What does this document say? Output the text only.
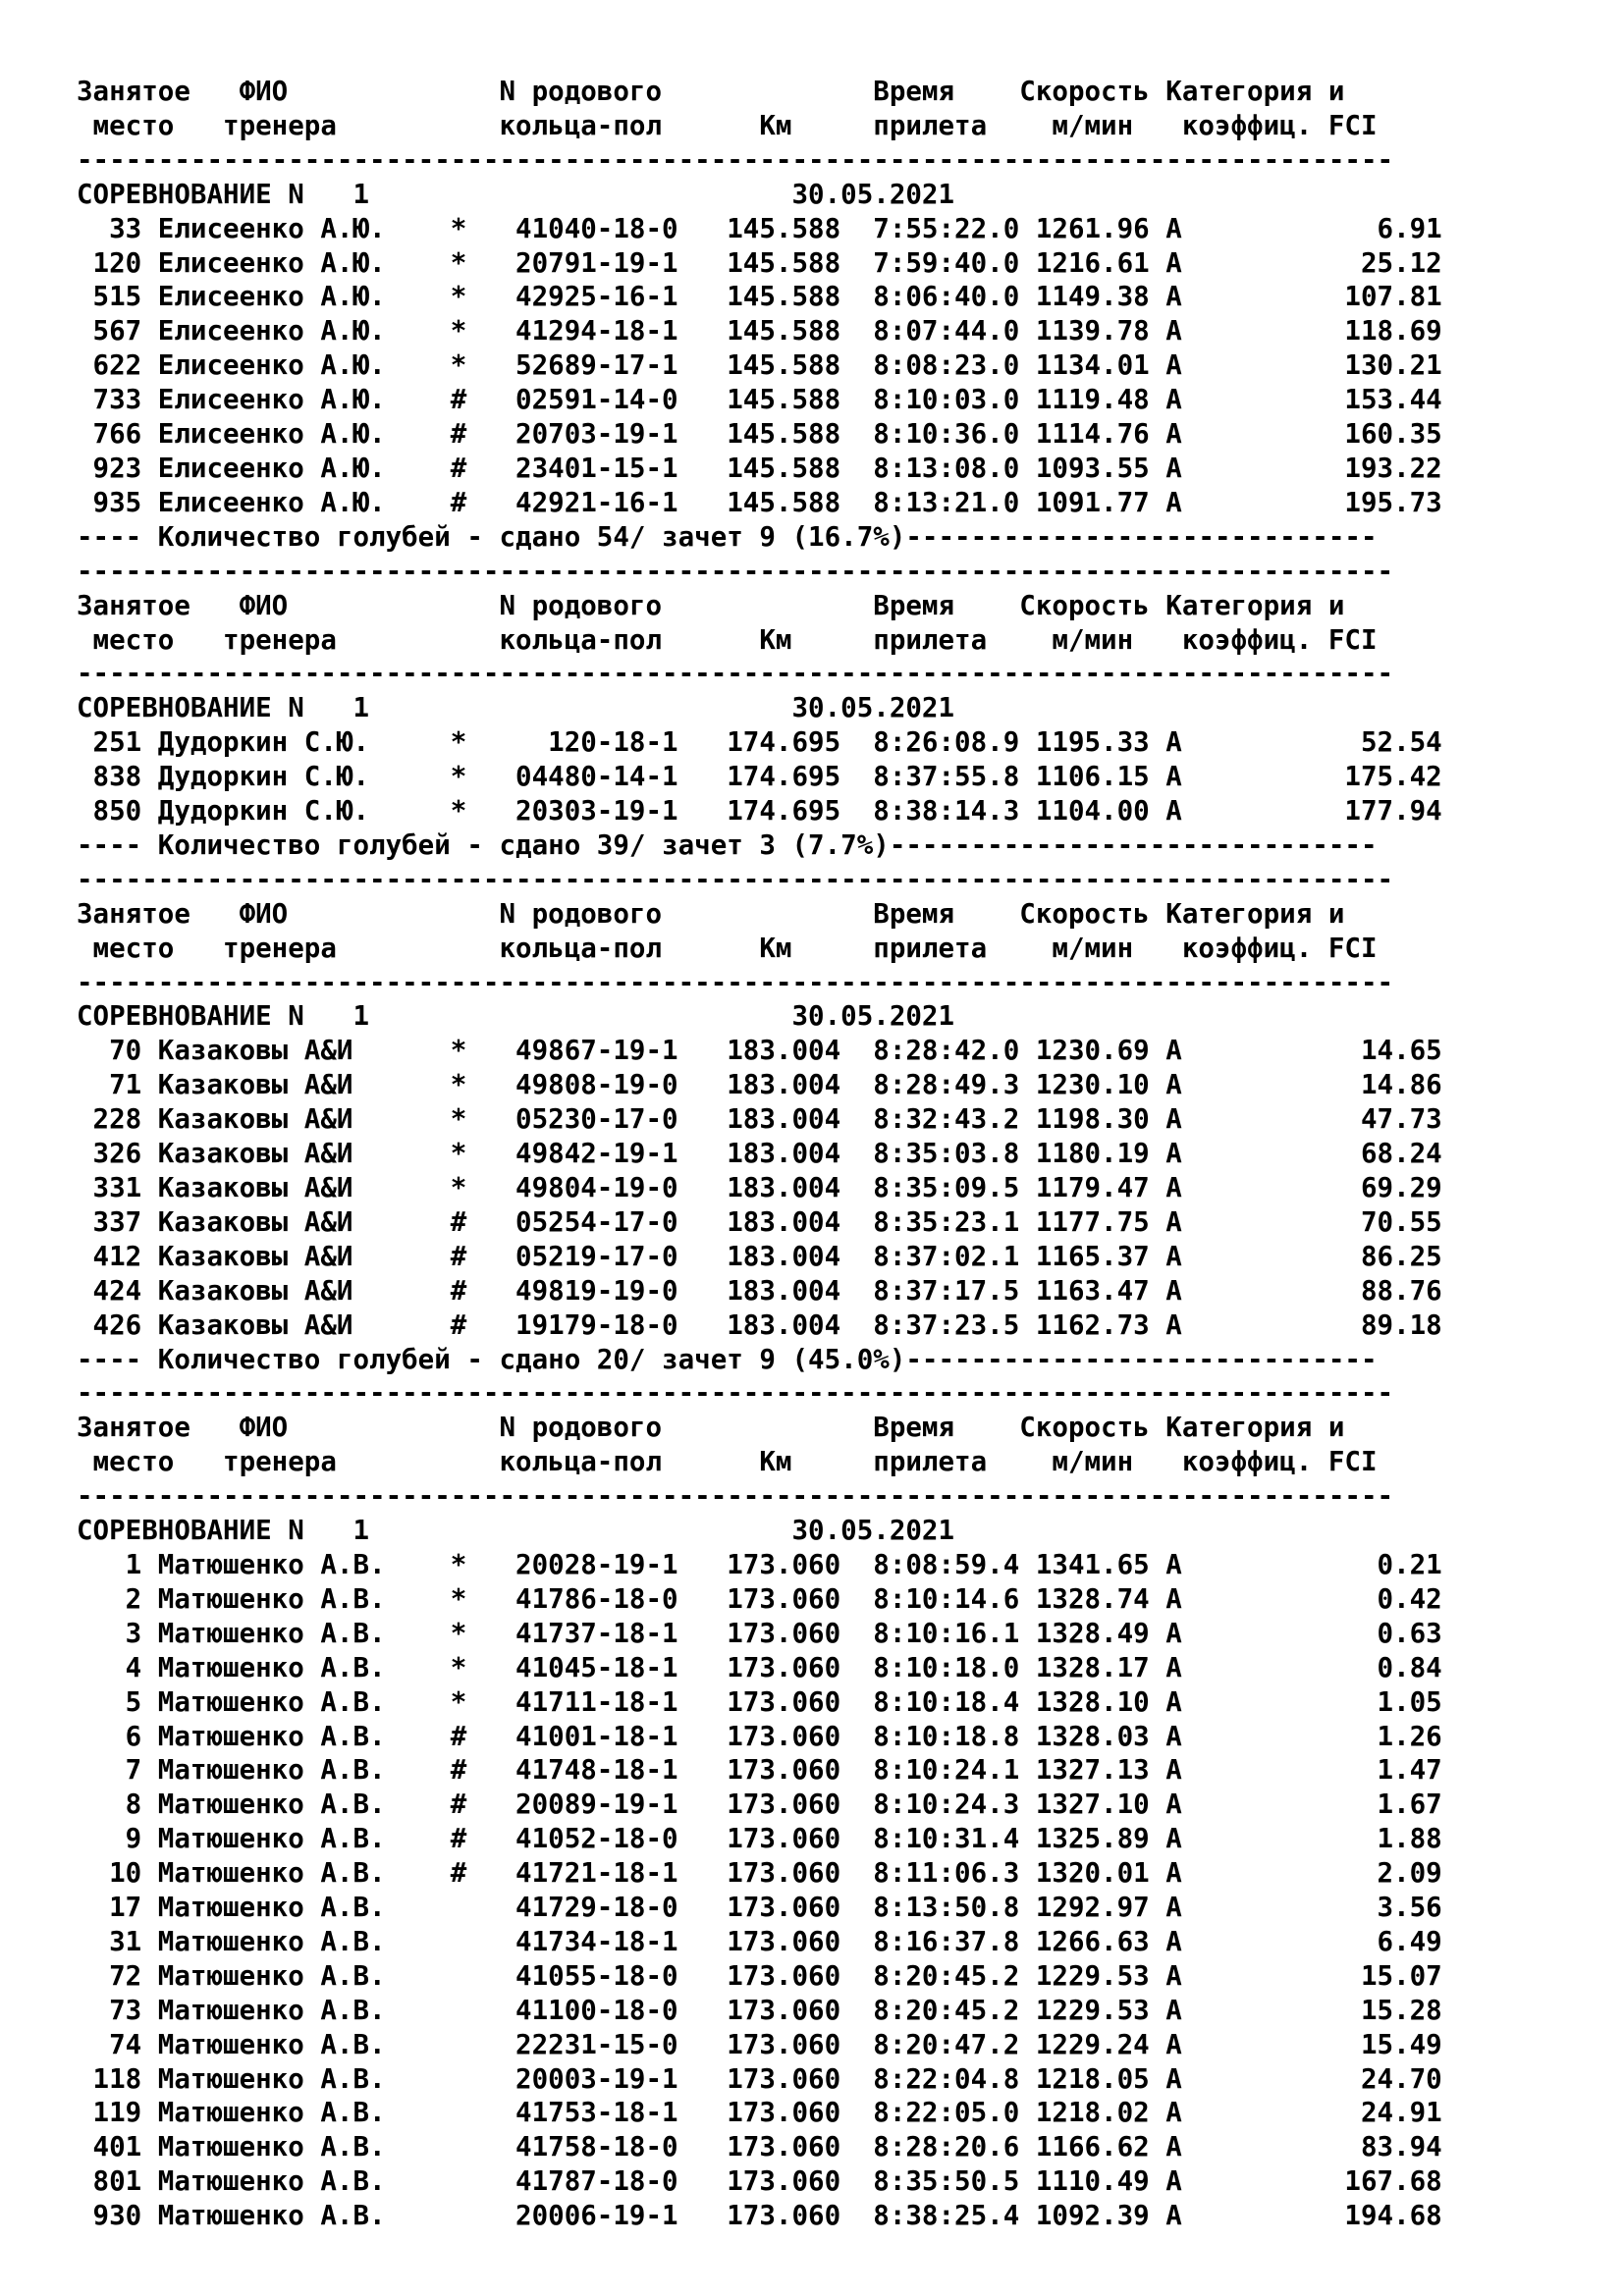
Занятое   ФИО             N родового             Время    Скорость Категория и
место   тренера          кольца-пол      Км     прилета    м/мин   коэффиц. FCI
---------------------------------------------------------------------------------
СОРЕВНОВАНИЕ N   1                          30.05.2021
33 Елисеенко А.Ю.    *   41040-18-0   145.588  7:55:22.0 1261.96 A            6.91
120 Елисеенко А.Ю.    *   20791-19-1   145.588  7:59:40.0 1216.61 A           25.12
515 Елисеенко А.Ю.    *   42925-16-1   145.588  8:06:40.0 1149.38 A          107.81
567 Елисеенко А.Ю.    *   41294-18-1   145.588  8:07:44.0 1139.78 A          118.69
622 Елисеенко А.Ю.    *   52689-17-1   145.588  8:08:23.0 1134.01 A          130.21
733 Елисеенко А.Ю.    #   02591-14-0   145.588  8:10:03.0 1119.48 A          153.44
766 Елисеенко А.Ю.    #   20703-19-1   145.588  8:10:36.0 1114.76 A          160.35
923 Елисеенко А.Ю.    #   23401-15-1   145.588  8:13:08.0 1093.55 A          193.22
935 Елисеенко А.Ю.    #   42921-16-1   145.588  8:13:21.0 1091.77 A          195.73
---- Количество голубей - сдано 54/ зачет 9 (16.7%)-----------------------------
---------------------------------------------------------------------------------
Занятое   ФИО             N родового             Время    Скорость Категория и
место   тренера          кольца-пол      Км     прилета    м/мин   коэффиц. FCI
---------------------------------------------------------------------------------
СОРЕВНОВАНИЕ N   1                          30.05.2021
251 Дудоркин С.Ю.     *     120-18-1   174.695  8:26:08.9 1195.33 A           52.54
838 Дудоркин С.Ю.     *   04480-14-1   174.695  8:37:55.8 1106.15 A          175.42
850 Дудоркин С.Ю.     *   20303-19-1   174.695  8:38:14.3 1104.00 A          177.94
---- Количество голубей - сдано 39/ зачет 3 (7.7%)------------------------------
---------------------------------------------------------------------------------
Занятое   ФИО             N родового             Время    Скорость Категория и
место   тренера          кольца-пол      Км     прилета    м/мин   коэффиц. FCI
---------------------------------------------------------------------------------
СОРЕВНОВАНИЕ N   1                          30.05.2021
70 Казаковы А&И      *   49867-19-1   183.004  8:28:42.0 1230.69 A           14.65
71 Казаковы А&И      *   49808-19-0   183.004  8:28:49.3 1230.10 A           14.86
228 Казаковы А&И      *   05230-17-0   183.004  8:32:43.2 1198.30 A           47.73
326 Казаковы А&И      *   49842-19-1   183.004  8:35:03.8 1180.19 A           68.24
331 Казаковы А&И      *   49804-19-0   183.004  8:35:09.5 1179.47 A           69.29
337 Казаковы А&И      #   05254-17-0   183.004  8:35:23.1 1177.75 A           70.55
412 Казаковы А&И      #   05219-17-0   183.004  8:37:02.1 1165.37 A           86.25
424 Казаковы А&И      #   49819-19-0   183.004  8:37:17.5 1163.47 A           88.76
426 Казаковы А&И      #   19179-18-0   183.004  8:37:23.5 1162.73 A           89.18
---- Количество голубей - сдано 20/ зачет 9 (45.0%)-----------------------------
---------------------------------------------------------------------------------
Занятое   ФИО             N родового             Время    Скорость Категория и
место   тренера          кольца-пол      Км     прилета    м/мин   коэффиц. FCI
---------------------------------------------------------------------------------
СОРЕВНОВАНИЕ N   1                          30.05.2021
1 Матюшенко А.В.    *   20028-19-1   173.060  8:08:59.4 1341.65 A            0.21
2 Матюшенко А.В.    *   41786-18-0   173.060  8:10:14.6 1328.74 A            0.42
3 Матюшенко А.В.    *   41737-18-1   173.060  8:10:16.1 1328.49 A            0.63
4 Матюшенко А.В.    *   41045-18-1   173.060  8:10:18.0 1328.17 A            0.84
5 Матюшенко А.В.    *   41711-18-1   173.060  8:10:18.4 1328.10 A            1.05
6 Матюшенко А.В.    #   41001-18-1   173.060  8:10:18.8 1328.03 A            1.26
7 Матюшенко А.В.    #   41748-18-1   173.060  8:10:24.1 1327.13 A            1.47
8 Матюшенко А.В.    #   20089-19-1   173.060  8:10:24.3 1327.10 A            1.67
9 Матюшенко А.В.    #   41052-18-0   173.060  8:10:31.4 1325.89 A            1.88
10 Матюшенко А.В.    #   41721-18-1   173.060  8:11:06.3 1320.01 A            2.09
17 Матюшенко А.В.        41729-18-0   173.060  8:13:50.8 1292.97 A            3.56
31 Матюшенко А.В.        41734-18-1   173.060  8:16:37.8 1266.63 A            6.49
72 Матюшенко А.В.        41055-18-0   173.060  8:20:45.2 1229.53 A           15.07
73 Матюшенко А.В.        41100-18-0   173.060  8:20:45.2 1229.53 A           15.28
74 Матюшенко А.В.        22231-15-0   173.060  8:20:47.2 1229.24 A           15.49
118 Матюшенко А.В.        20003-19-1   173.060  8:22:04.8 1218.05 A           24.70
119 Матюшенко А.В.        41753-18-1   173.060  8:22:05.0 1218.02 A           24.91
401 Матюшенко А.В.        41758-18-0   173.060  8:28:20.6 1166.62 A           83.94
801 Матюшенко А.В.        41787-18-0   173.060  8:35:50.5 1110.49 A          167.68
930 Матюшенко А.В.        20006-19-1   173.060  8:38:25.4 1092.39 A          194.68
